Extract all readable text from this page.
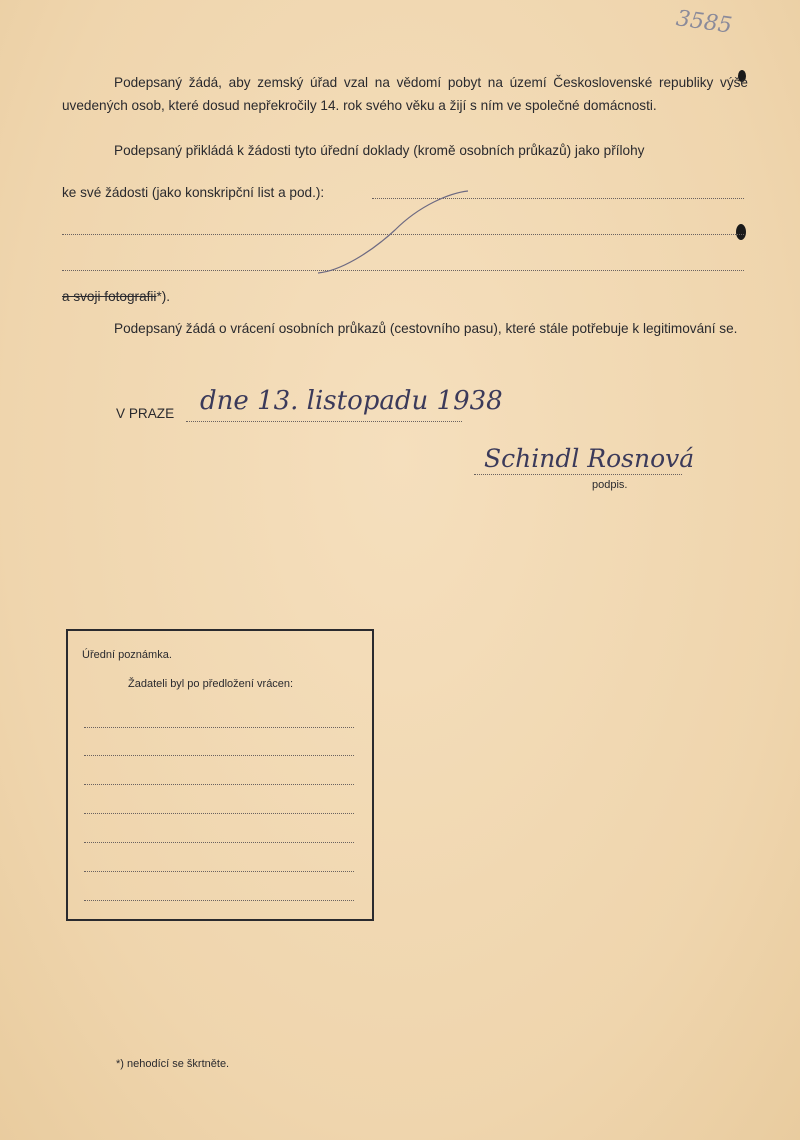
3585
Podepsaný žádá, aby zemský úřad vzal na vědomí pobyt na území Československé republiky výše uvedených osob, které dosud nepřekročily 14. rok svého věku a žijí s ním ve společné domácnosti.
Podepsaný přikládá k žádosti tyto úřední doklady (kromě osobních průkazů) jako přílohy
ke své žádosti (jako konskripční list a pod.):
a svoji fotografii*).
Podepsaný žádá o vrácení osobních průkazů (cestovního pasu), které stále potřebuje k legitimování se.
V PRAZE dne 13. listopadu 1938
Schindl Rosnová
podpis.

Úřední poznámka.
Žadateli byl po předložení vrácen:
*) nehodící se škrtněte.
